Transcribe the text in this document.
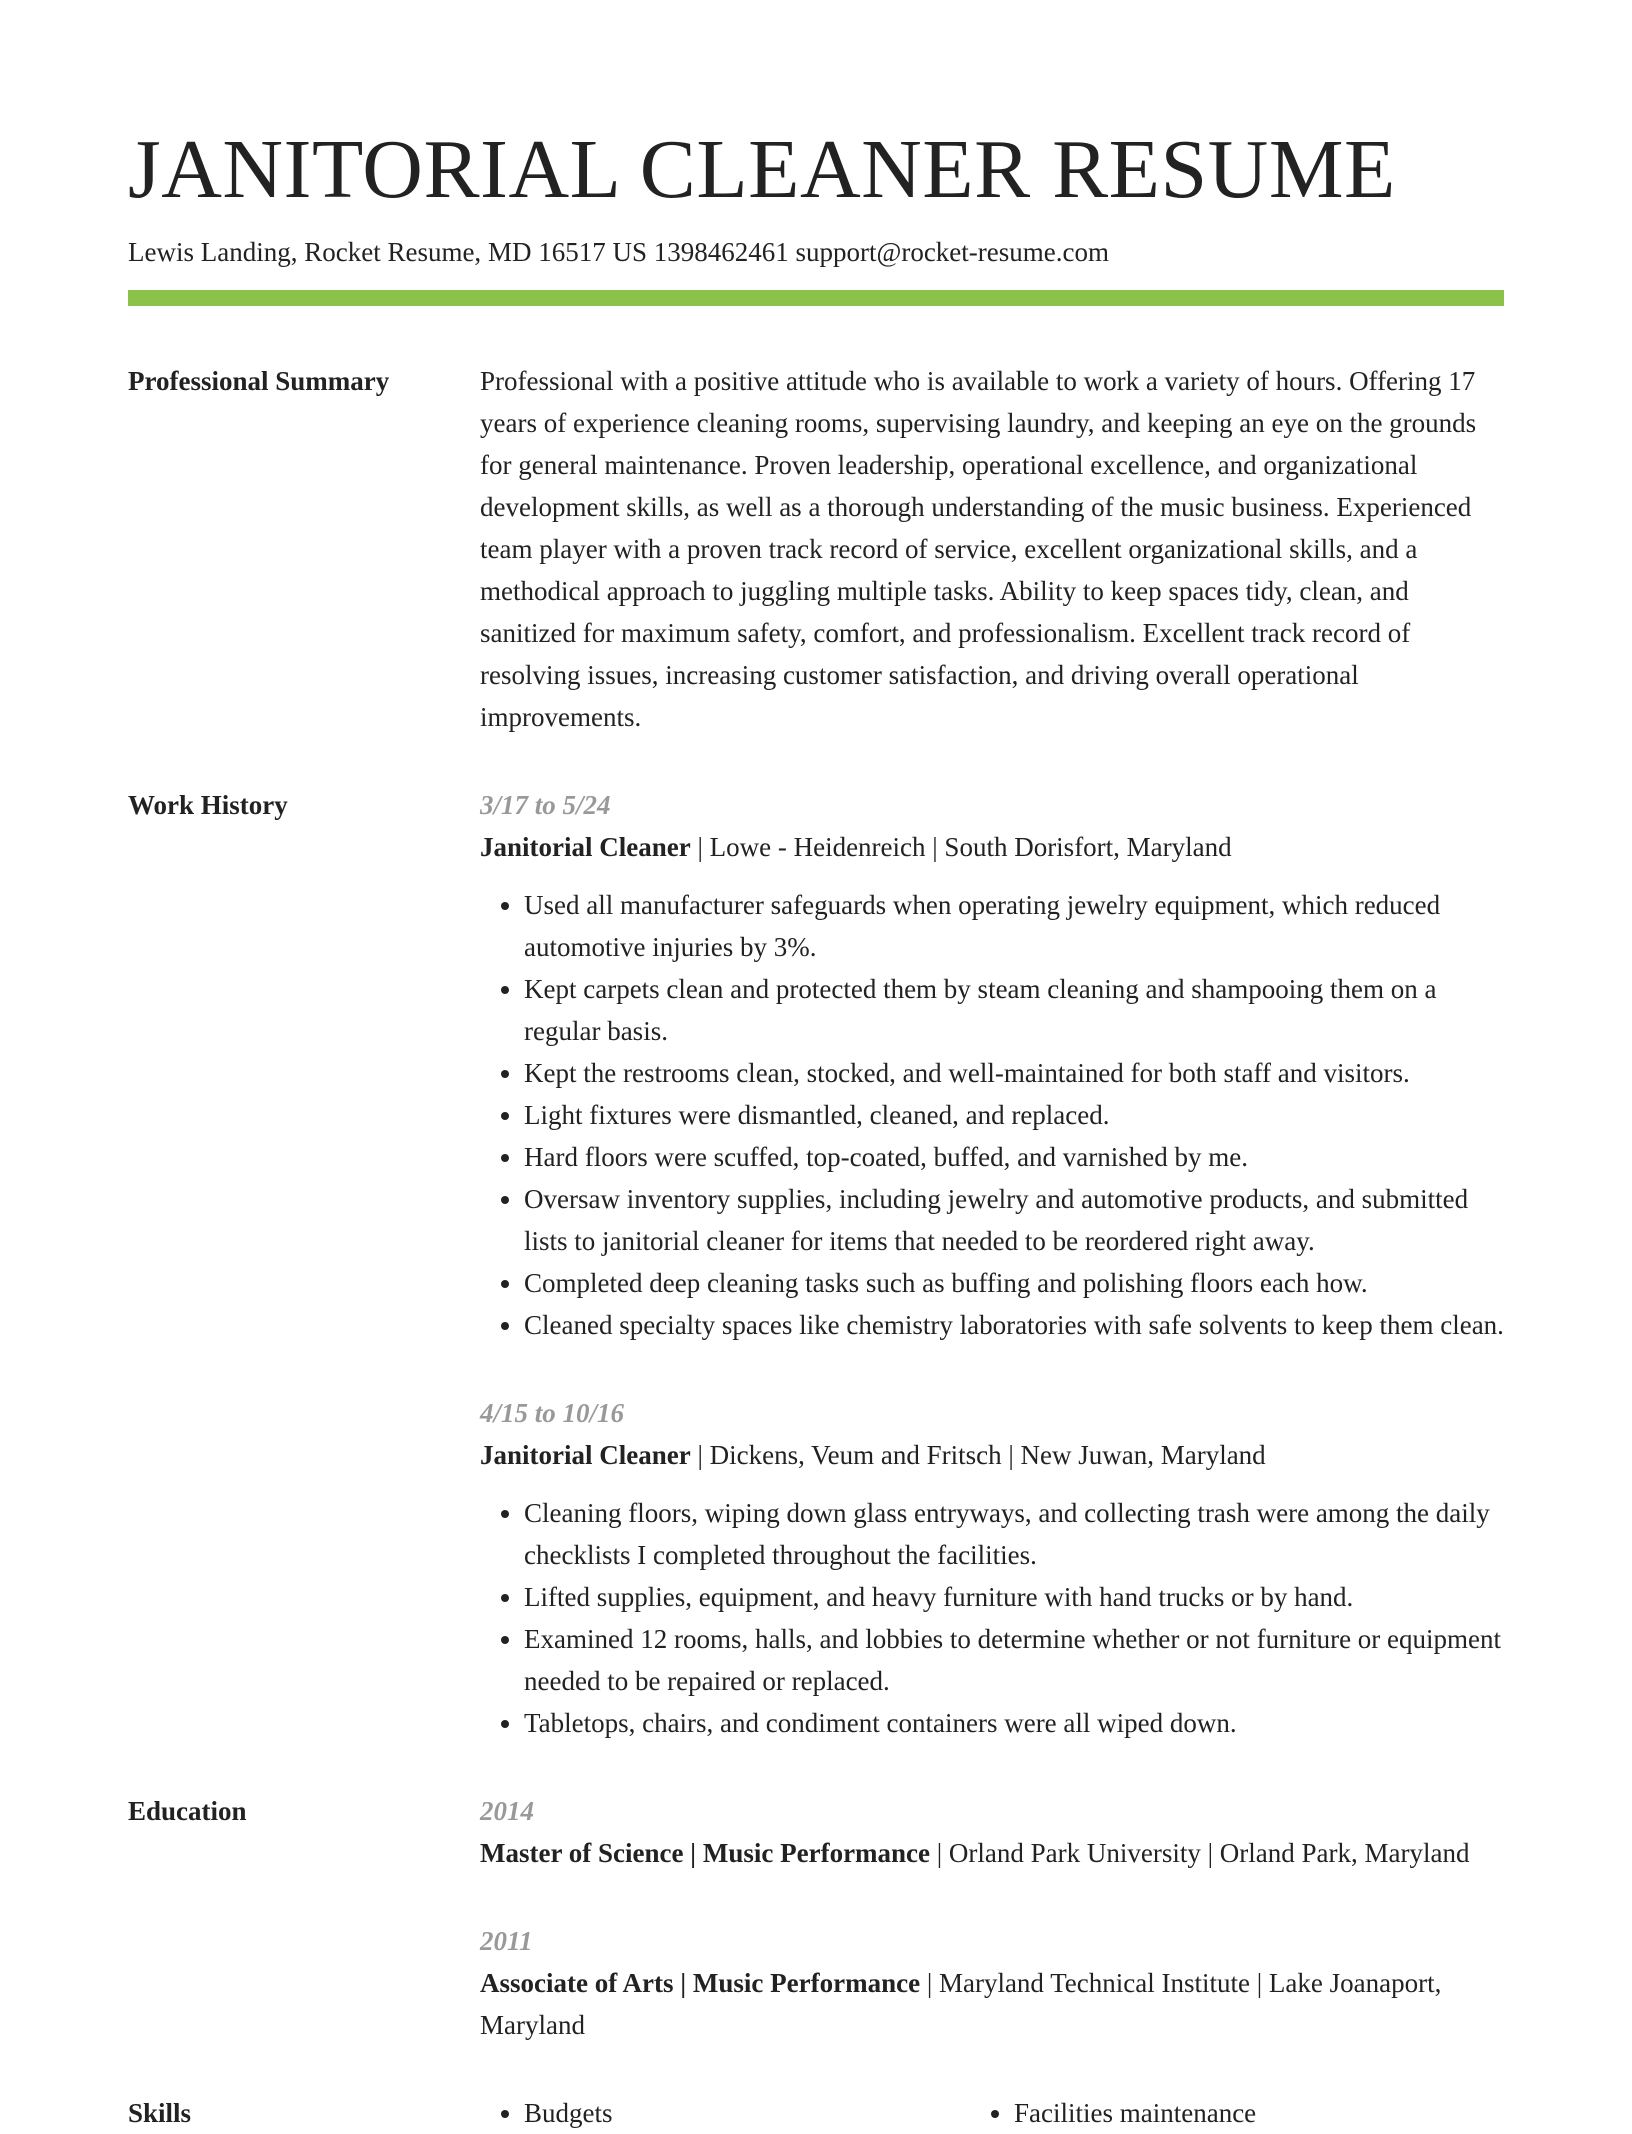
JANITORIAL CLEANER RESUME
Lewis Landing, Rocket Resume, MD 16517 US 1398462461 support@rocket-resume.com
Professional Summary	Professional with a positive attitude who is available to work a variety of hours. Offering 17 years of experience cleaning rooms, supervising laundry, and keeping an eye on the grounds for general maintenance. Proven leadership, operational excellence, and organizational development skills, as well as a thorough understanding of the music business. Experienced team player with a proven track record of service, excellent organizational skills, and a methodical approach to juggling multiple tasks. Ability to keep spaces tidy, clean, and sanitized for maximum safety, comfort, and professionalism. Excellent track record of resolving issues, increasing customer satisfaction, and driving overall operational improvements.

Work History	3/17 to 5/24
Janitorial Cleaner | Lowe - Heidenreich | South Dorisfort, Maryland
• Used all manufacturer safeguards when operating jewelry equipment, which reduced automotive injuries by 3%.
• Kept carpets clean and protected them by steam cleaning and shampooing them on a regular basis.
• Kept the restrooms clean, stocked, and well-maintained for both staff and visitors.
• Light fixtures were dismantled, cleaned, and replaced.
• Hard floors were scuffed, top-coated, buffed, and varnished by me.
• Oversaw inventory supplies, including jewelry and automotive products, and submitted lists to janitorial cleaner for items that needed to be reordered right away.
• Completed deep cleaning tasks such as buffing and polishing floors each how.
• Cleaned specialty spaces like chemistry laboratories with safe solvents to keep them clean.
4/15 to 10/16
Janitorial Cleaner | Dickens, Veum and Fritsch | New Juwan, Maryland
• Cleaning floors, wiping down glass entryways, and collecting trash were among the daily checklists I completed throughout the facilities.
• Lifted supplies, equipment, and heavy furniture with hand trucks or by hand.
• Examined 12 rooms, halls, and lobbies to determine whether or not furniture or equipment needed to be repaired or replaced.
• Tabletops, chairs, and condiment containers were all wiped down.
Education	2014
Master of Science | Music Performance | Orland Park University | Orland Park, Maryland
2011
Associate of Arts | Music Performance | Maryland Technical Institute | Lake Joanaport, Maryland
Skills	• Budgets	• Facilities maintenance
